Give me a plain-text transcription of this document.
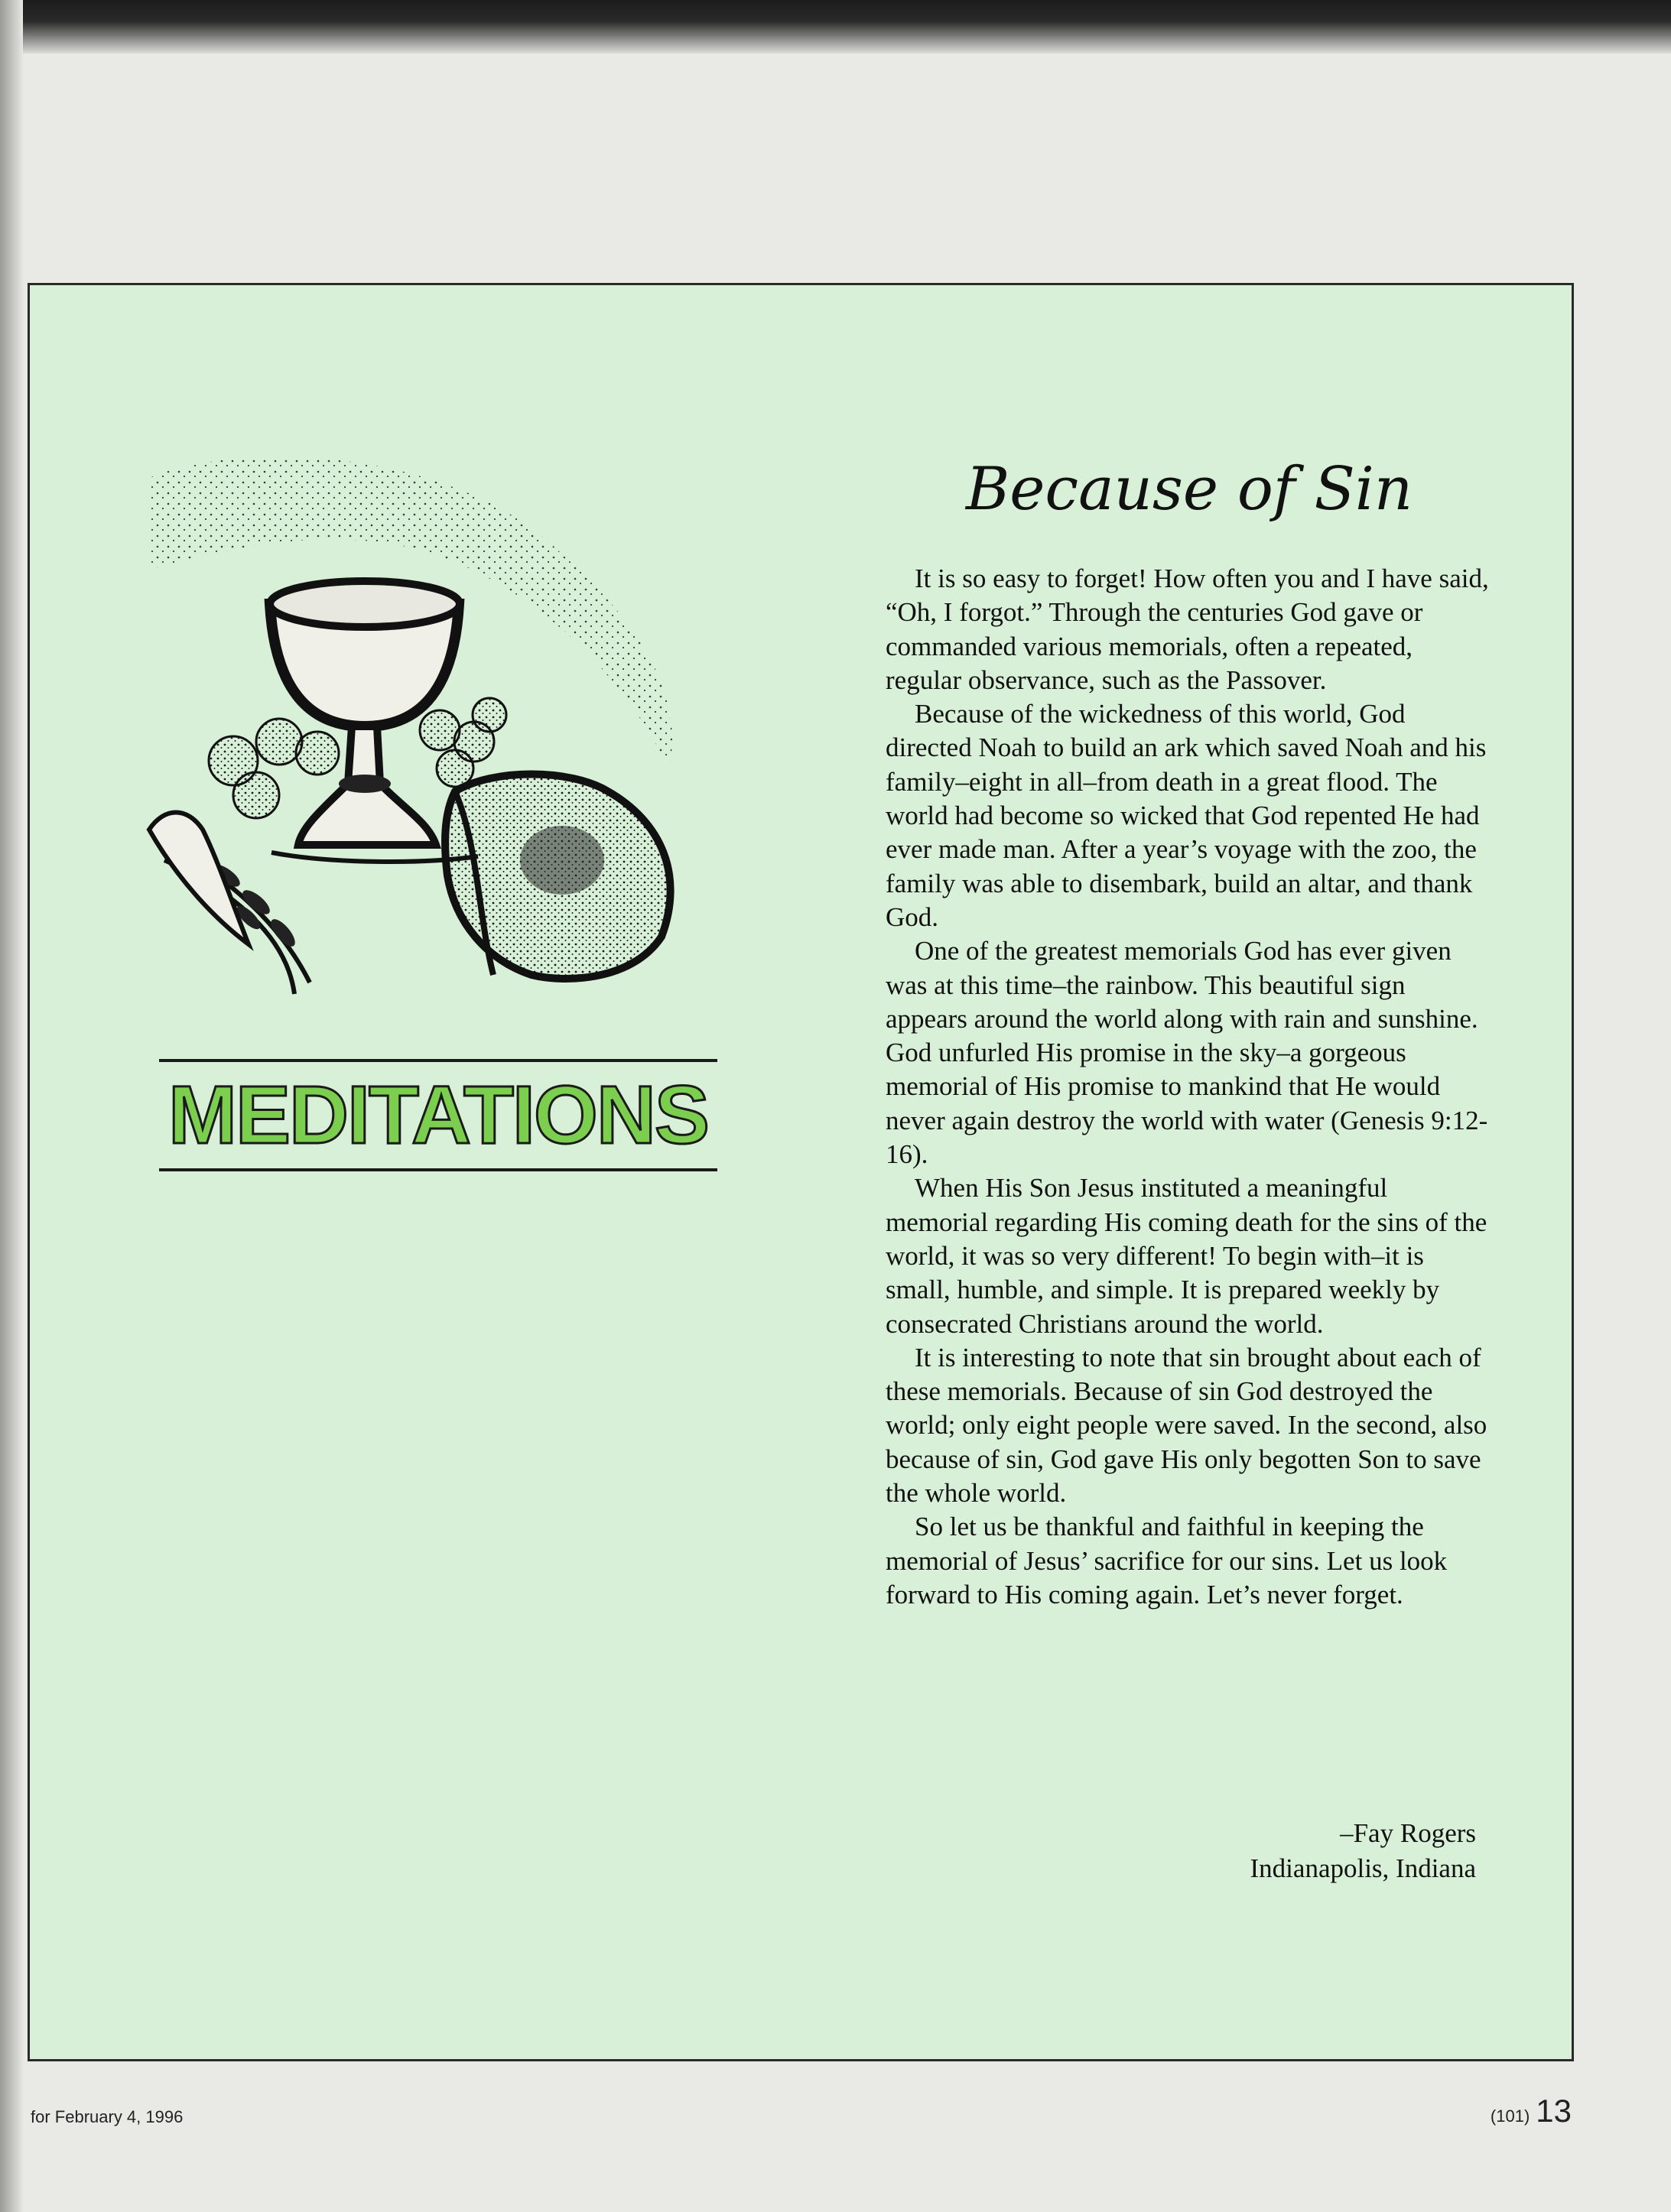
MEDITATIONS
Because of Sin

It is so easy to forget! How often you and I have said, “Oh, I forgot.” Through the centuries God gave or commanded various memorials, often a repeated, regular observance, such as the Passover.

Because of the wickedness of this world, God directed Noah to build an ark which saved Noah and his family–eight in all–from death in a great flood. The world had become so wicked that God repented He had ever made man. After a year’s voyage with the zoo, the family was able to disembark, build an altar, and thank God.

One of the greatest memorials God has ever given was at this time–the rainbow. This beautiful sign appears around the world along with rain and sunshine. God unfurled His promise in the sky–a gorgeous memorial of His promise to mankind that He would never again destroy the world with water (Genesis 9:12-16).

When His Son Jesus instituted a meaningful memorial regarding His coming death for the sins of the world, it was so very different! To begin with–it is small, humble, and simple. It is prepared weekly by consecrated Christians around the world.

It is interesting to note that sin brought about each of these memorials. Because of sin God destroyed the world; only eight people were saved. In the second, also because of sin, God gave His only begotten Son to save the whole world.

So let us be thankful and faithful in keeping the memorial of Jesus’ sacrifice for our sins. Let us look forward to His coming again. Let’s never forget.

–Fay Rogers
Indianapolis, Indiana
for February 4, 1996	(101) 13
